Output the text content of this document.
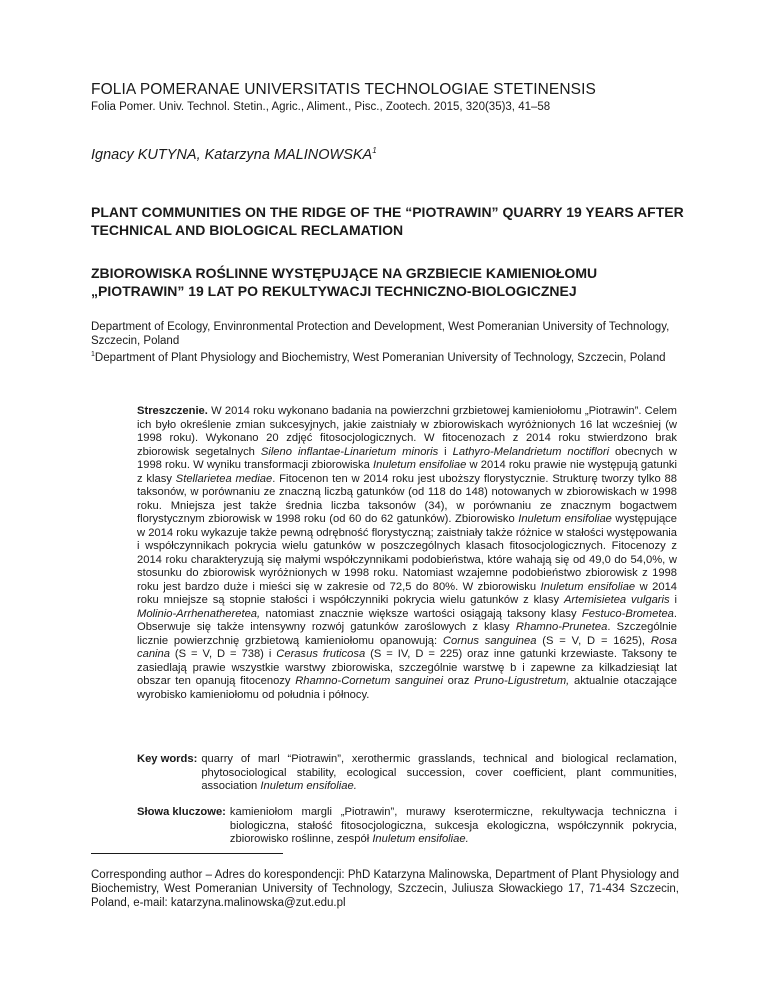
FOLIA POMERANAE UNIVERSITATIS TECHNOLOGIAE STETINENSIS
Folia Pomer. Univ. Technol. Stetin., Agric., Aliment., Pisc., Zootech. 2015, 320(35)3, 41–58
Ignacy KUTYNA, Katarzyna MALINOWSKA$^1$
PLANT COMMUNITIES ON THE RIDGE OF THE “PIOTRAWIN” QUARRY 19 YEARS AFTER TECHNICAL AND BIOLOGICAL RECLAMATION
ZBIOROWISKA ROŚLINNE WYSTĘPUJĄCE NA GRZBIECIE KAMIENIOŁOMU „PIOTRAWIN” 19 LAT PO REKULTYWACJI TECHNICZNO-BIOLOGICZNEJ
Department of Ecology, Envinronmental Protection and Development, West Pomeranian University of Technology, Szczecin, Poland
$^1$Department of Plant Physiology and Biochemistry, West Pomeranian University of Technology, Szczecin, Poland
Streszczenie. W 2014 roku wykonano badania na powierzchni grzbietowej kamieniołomu „Piotrawin”. Celem ich było określenie zmian sukcesyjnych, jakie zaistniały w zbiorowiskach wyróżnionych 16 lat wcześniej (w 1998 roku). Wykonano 20 zdjęć fitosocjologicznych. W fitocenozach z 2014 roku stwierdzono brak zbiorowisk segetalnych Sileno inflantae-Linarietum minoris i Lathyro-Melandrietum noctiflori obecnych w 1998 roku. W wyniku transformacji zbiorowiska Inuletum ensifoliae w 2014 roku prawie nie występują gatunki z klasy Stellarietea mediae. Fitocenon ten w 2014 roku jest uboższy florystycznie. Strukturę tworzy tylko 88 taksonów, w porównaniu ze znaczną liczbą gatunków (od 118 do 148) notowanych w zbiorowiskach w 1998 roku. Mniejsza jest także średnia liczba taksonów (34), w porównaniu ze znacznym bogactwem florystycznym zbiorowisk w 1998 roku (od 60 do 62 gatunków). Zbiorowisko Inuletum ensifoliae występujące w 2014 roku wykazuje także pewną odrębność florystyczną; zaistniały także różnice w stałości występowania i współczynnikach pokrycia wielu gatunków w poszczególnych klasach fitosocjologicznych. Fitocenozy z 2014 roku charakteryzują się małymi współczynnikami podobieństwa, które wahają się od 49,0 do 54,0%, w stosunku do zbiorowisk wyróżnionych w 1998 roku. Natomiast wzajemne podobieństwo zbiorowisk z 1998 roku jest bardzo duże i mieści się w zakresie od 72,5 do 80%. W zbiorowisku Inuletum ensifoliae w 2014 roku mniejsze są stopnie stałości i współczynniki pokrycia wielu gatunków z klasy Artemisietea vulgaris i Molinio-Arrhenatheretea, natomiast znacznie większe wartości osiągają taksony klasy Festuco-Brometea. Obserwuje się także intensywny rozwój gatunków zaroślowych z klasy Rhamno-Prunetea. Szczególnie licznie powierzchnię grzbietową kamieniołomu opanowują: Cornus sanguinea (S = V, D = 1625), Rosa canina (S = V, D = 738) i Cerasus fruticosa (S = IV, D = 225) oraz inne gatunki krzewiaste. Taksony te zasiedlają prawie wszystkie warstwy zbiorowiska, szczególnie warstwę b i zapewne za kilkadziesiąt lat obszar ten opanują fitocenozy Rhamno-Cornetum sanguinei oraz Pruno-Ligustretum, aktualnie otaczające wyrobisko kamieniołomu od południa i północy.
Key words: quarry of marl “Piotrawin”, xerothermic grasslands, technical and biological reclamation, phytosociological stability, ecological succession, cover coefficient, plant communities, association Inuletum ensifoliae.
Słowa kluczowe: kamieniołom margli „Piotrawin”, murawy kserotermiczne, rekultywacja techniczna i biologiczna, stałość fitosocjologiczna, sukcesja ekologiczna, współczynnik pokrycia, zbiorowisko roślinne, zespół Inuletum ensifoliae.
Corresponding author – Adres do korespondencji: PhD Katarzyna Malinowska, Department of Plant Physiology and Biochemistry, West Pomeranian University of Technology, Szczecin, Juliusza Słowackiego 17, 71-434 Szczecin, Poland, e-mail: katarzyna.malinowska@zut.edu.pl
